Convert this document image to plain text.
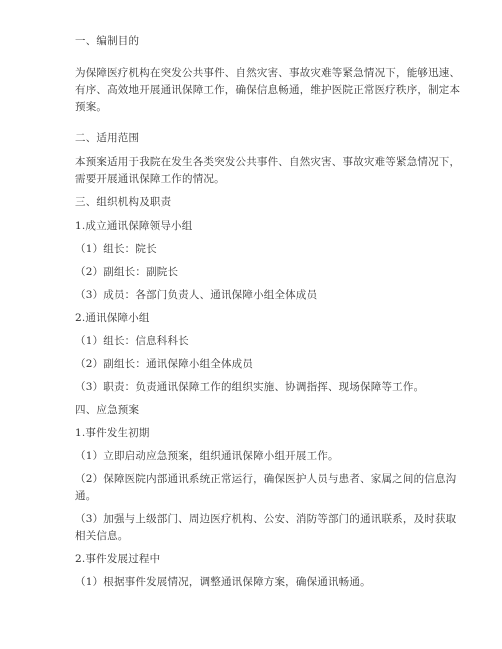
一、编制目的
为保障医疗机构在突发公共事件、自然灾害、事故灾难等紧急情况下，能够迅速、
有序、高效地开展通讯保障工作，确保信息畅通，维护医院正常医疗秩序，制定本
预案。
二、适用范围
本预案适用于我院在发生各类突发公共事件、自然灾害、事故灾难等紧急情况下，
需要开展通讯保障工作的情况。
三、组织机构及职责
1.成立通讯保障领导小组
（1）组长：院长
（2）副组长：副院长
（3）成员：各部门负责人、通讯保障小组全体成员
2.通讯保障小组
（1）组长：信息科科长
（2）副组长：通讯保障小组全体成员
（3）职责：负责通讯保障工作的组织实施、协调指挥、现场保障等工作。
四、应急预案
1.事件发生初期
（1）立即启动应急预案，组织通讯保障小组开展工作。
（2）保障医院内部通讯系统正常运行，确保医护人员与患者、家属之间的信息沟
通。
（3）加强与上级部门、周边医疗机构、公安、消防等部门的通讯联系，及时获取
相关信息。
2.事件发展过程中
（1）根据事件发展情况，调整通讯保障方案，确保通讯畅通。
